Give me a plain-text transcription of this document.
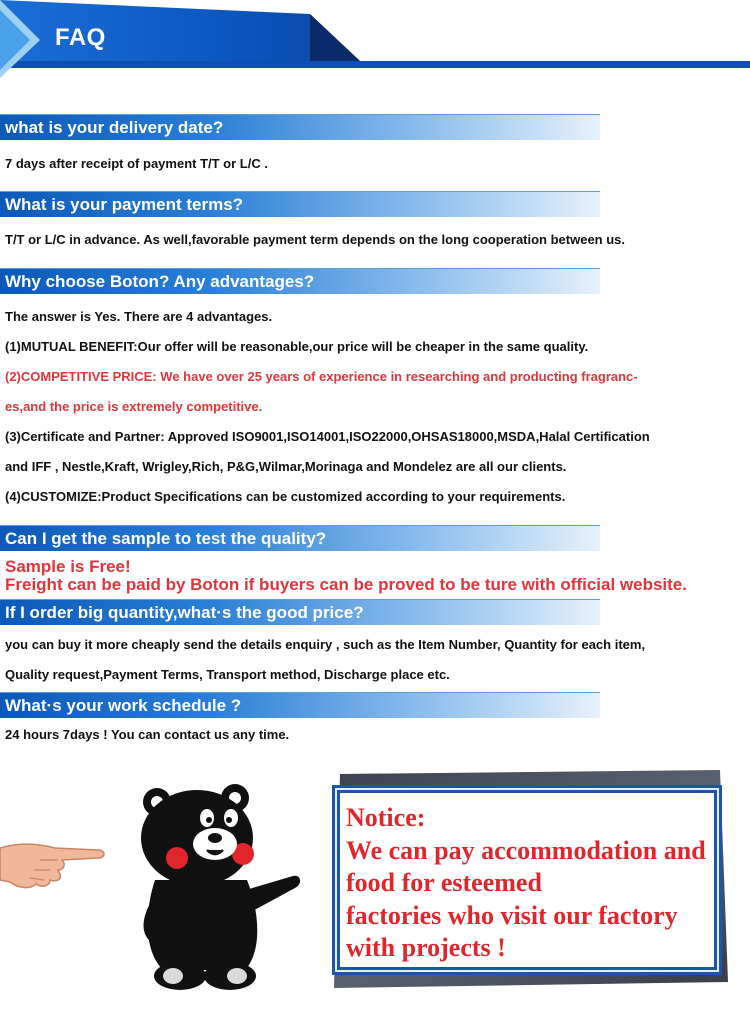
FAQ
what is your delivery date?
7 days after receipt of payment T/T or L/C .
What is your payment terms?
T/T or L/C in advance. As well,favorable payment term depends on the long cooperation between us.
Why choose Boton? Any advantages?
The answer is Yes. There are 4 advantages.
(1)MUTUAL BENEFIT:Our offer will be reasonable,our price will be cheaper in the same quality.
(2)COMPETITIVE PRICE: We have over 25 years of experience in researching and producting fragranc-
es,and the price is extremely competitive.
(3)Certificate and Partner: Approved ISO9001,ISO14001,ISO22000,OHSAS18000,MSDA,Halal Certification
and IFF , Nestle,Kraft, Wrigley,Rich, P&G,Wilmar,Morinaga and Mondelez are all our clients.
(4)CUSTOMIZE:Product Specifications can be customized according to your requirements.
Can I get the sample to test the quality?
Sample is Free!
Freight can be paid by Boton if buyers can be proved to be ture with official website.
If I order big quantity,what·s the good price?
you can buy it more cheaply send the details enquiry , such as the Item Number, Quantity for each item,
Quality request,Payment Terms, Transport method, Discharge place etc.
What·s your work schedule ?
24 hours 7days ! You can contact us any time.
Notice:
We can pay accommodation and
food for esteemed
factories who visit our factory
with projects !
